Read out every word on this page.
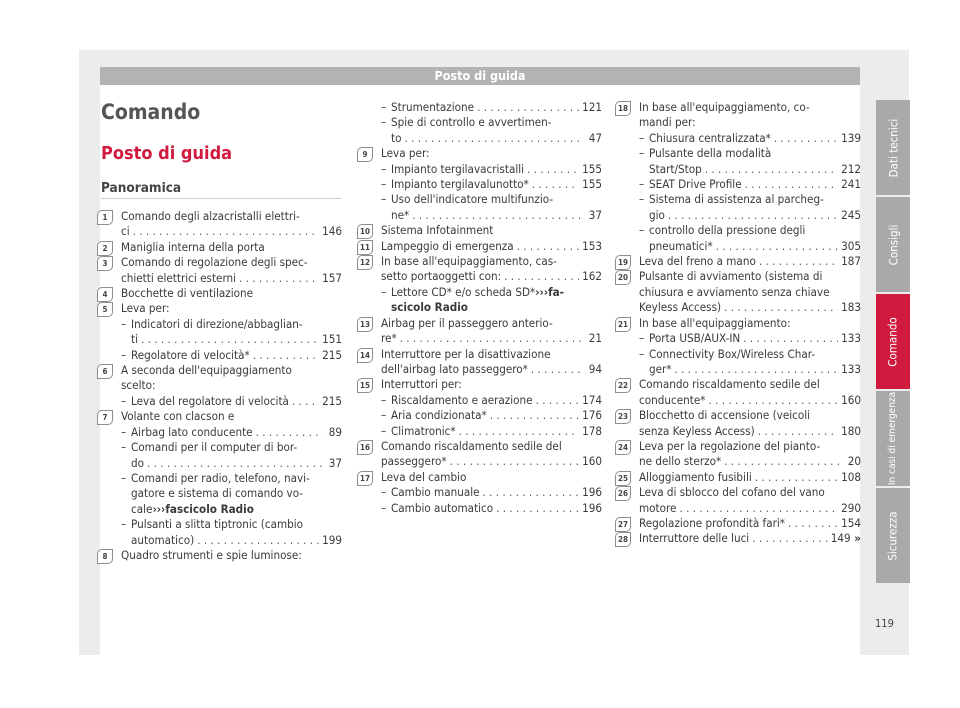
Posto di guida
Comando
Posto di guida
Panoramica
1	Comando degli alzacristalli elettri-
ci . . .	146
2	Maniglia interna della porta
3	Comando di regolazione degli spec-
chietti elettrici esterni . . .	157
4	Bocchette di ventilazione
5	Leva per:
– Indicatori di direzione/abbaglian-
ti . . .	151
– Regolatore di velocità* . . .	215
6	A seconda dell'equipaggiamento
scelto:
– Leva del regolatore di velocità . . .	215
7	Volante con clacson e
– Airbag lato conducente . . .	89
– Comandi per il computer di bor-
do . . .	37
– Comandi per radio, telefono, navi-
gatore e sistema di comando vo-
cale ››› fascicolo Radio
– Pulsanti a slitta tiptronic (cambio
automatico) . . .	199
8	Quadro strumenti e spie luminose:
– Strumentazione . . .	121
– Spie di controllo e avvertimen-
to . . .	47
9	Leva per:
– Impianto tergilavacristalli . . .	155
– Impianto tergilavalunotto* . . .	155
– Uso dell'indicatore multifunzio-
ne* . . .	37
10 Sistema Infotainment
11 Lampeggio di emergenza . . .	153
12 In base all'equipaggiamento, cas-
setto portaoggetti con: . . .	162
– Lettore CD* e/o scheda SD* ››› fa-
scicolo Radio
13 Airbag per il passeggero anterio-
re* . . .	21
14 Interruttore per la disattivazione
dell'airbag lato passeggero* . . .	94
15 Interruttori per:
– Riscaldamento e aerazione . . .	174
– Aria condizionata* . . .	176
– Climatronic* . . .	178
16 Comando riscaldamento sedile del
passeggero* . . .	160
17 Leva del cambio
– Cambio manuale . . .	196
– Cambio automatico . . .	196
18 In base all'equipaggiamento, co-
mandi per:
– Chiusura centralizzata* . . .	139
– Pulsante della modalità
Start/Stop . . .	212
– SEAT Drive Profile . . .	241
– Sistema di assistenza al parcheg-
gio . . .	245
– controllo della pressione degli
pneumatici* . . .	305
19 Leva del freno a mano . . .	187
20 Pulsante di avviamento (sistema di
chiusura e avviamento senza chiave
Keyless Access) . . .	183
21 In base all'equipaggiamento:
– Porta USB/AUX-IN . . .	133
– Connectivity Box/Wireless Char-
ger* . . .	133
22 Comando riscaldamento sedile del
conducente* . . .	160
23 Blocchetto di accensione (veicoli
senza Keyless Access) . . .	180
24 Leva per la regolazione del pianto-
ne dello sterzo* . . .	20
25 Alloggiamento fusibili . . .	108
26 Leva di sblocco del cofano del vano
motore . . .	290
27 Regolazione profondità fari* . . .	154
28 Interruttore delle luci . . .	149 »
Dati tecnici
Consigli
Comando
In casi di emergenza
Sicurezza
119
